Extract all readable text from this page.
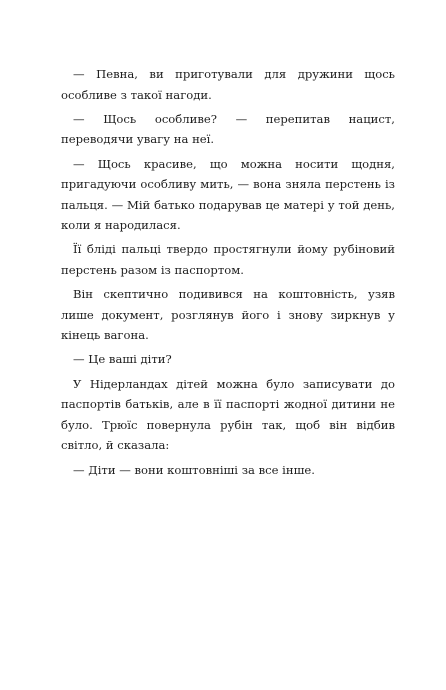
— Певна, ви приготували для дружини щось особливе з такої нагоди.

— Щось особливе? — перепитав нацист, переводячи увагу на неї.

— Щось красиве, що можна носити щодня, пригадуючи особливу мить, — вона зняла перстень із пальця. — Мій батько подарував це матері у той день, коли я народилася.

Її бліді пальці твердо простягнули йому рубіновий перстень разом із паспортом.

Він скептично подивився на коштовність, узяв лише документ, розглянув його і знову зиркнув у кінець вагона.

— Це ваші діти?

У Нідерландах дітей можна було записувати до паспортів батьків, але в її паспорті жодної дитини не було. Трюїс повернула рубін так, щоб він відбив світло, й сказала:

— Діти — вони коштовніші за все інше.
